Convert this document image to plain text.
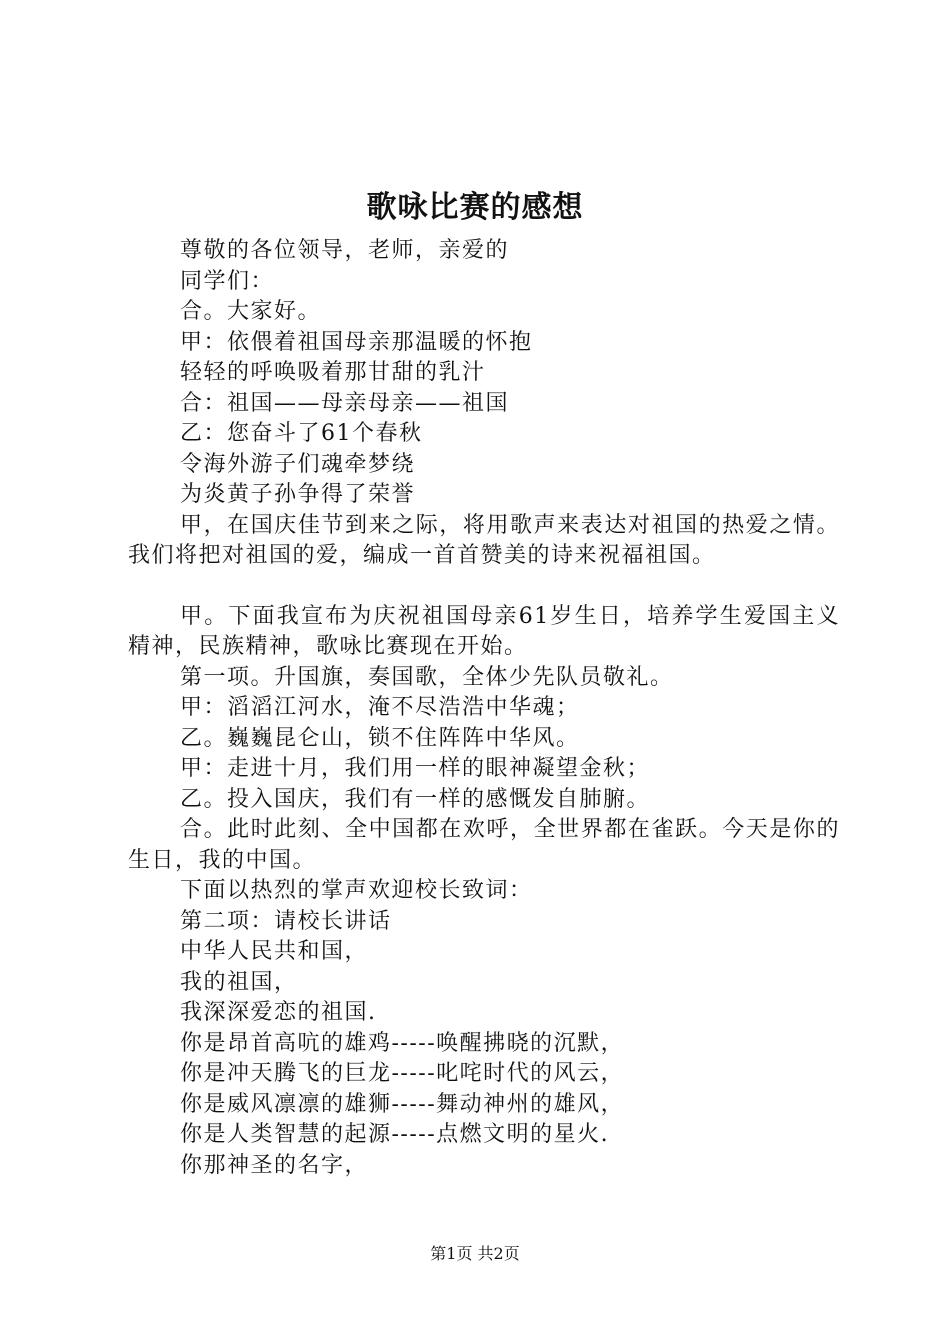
歌咏比赛的感想
尊敬的各位领导，老师，亲爱的
同学们：
合。大家好。
甲：依偎着祖国母亲那温暖的怀抱
轻轻的呼唤吸着那甘甜的乳汁
合：祖国——母亲母亲——祖国
乙：您奋斗了61个春秋
令海外游子们魂牵梦绕
为炎黄子孙争得了荣誉
甲，在国庆佳节到来之际，将用歌声来表达对祖国的热爱之情。我们将把对祖国的爱，编成一首首赞美的诗来祝福祖国。
甲。下面我宣布为庆祝祖国母亲61岁生日，培养学生爱国主义精神，民族精神，歌咏比赛现在开始。
第一项。升国旗，奏国歌，全体少先队员敬礼。
甲：滔滔江河水，淹不尽浩浩中华魂；
乙。巍巍昆仑山，锁不住阵阵中华风。
甲：走进十月，我们用一样的眼神凝望金秋；
乙。投入国庆，我们有一样的感慨发自肺腑。
合。此时此刻、全中国都在欢呼，全世界都在雀跃。今天是你的生日，我的中国。
下面以热烈的掌声欢迎校长致词：
第二项：请校长讲话
中华人民共和国，
我的祖国，
我深深爱恋的祖国.
你是昂首高吭的雄鸡-----唤醒拂晓的沉默，
你是冲天腾飞的巨龙-----叱咤时代的风云，
你是威风凛凛的雄狮-----舞动神州的雄风，
你是人类智慧的起源-----点燃文明的星火.
你那神圣的名字，
第1页 共2页
